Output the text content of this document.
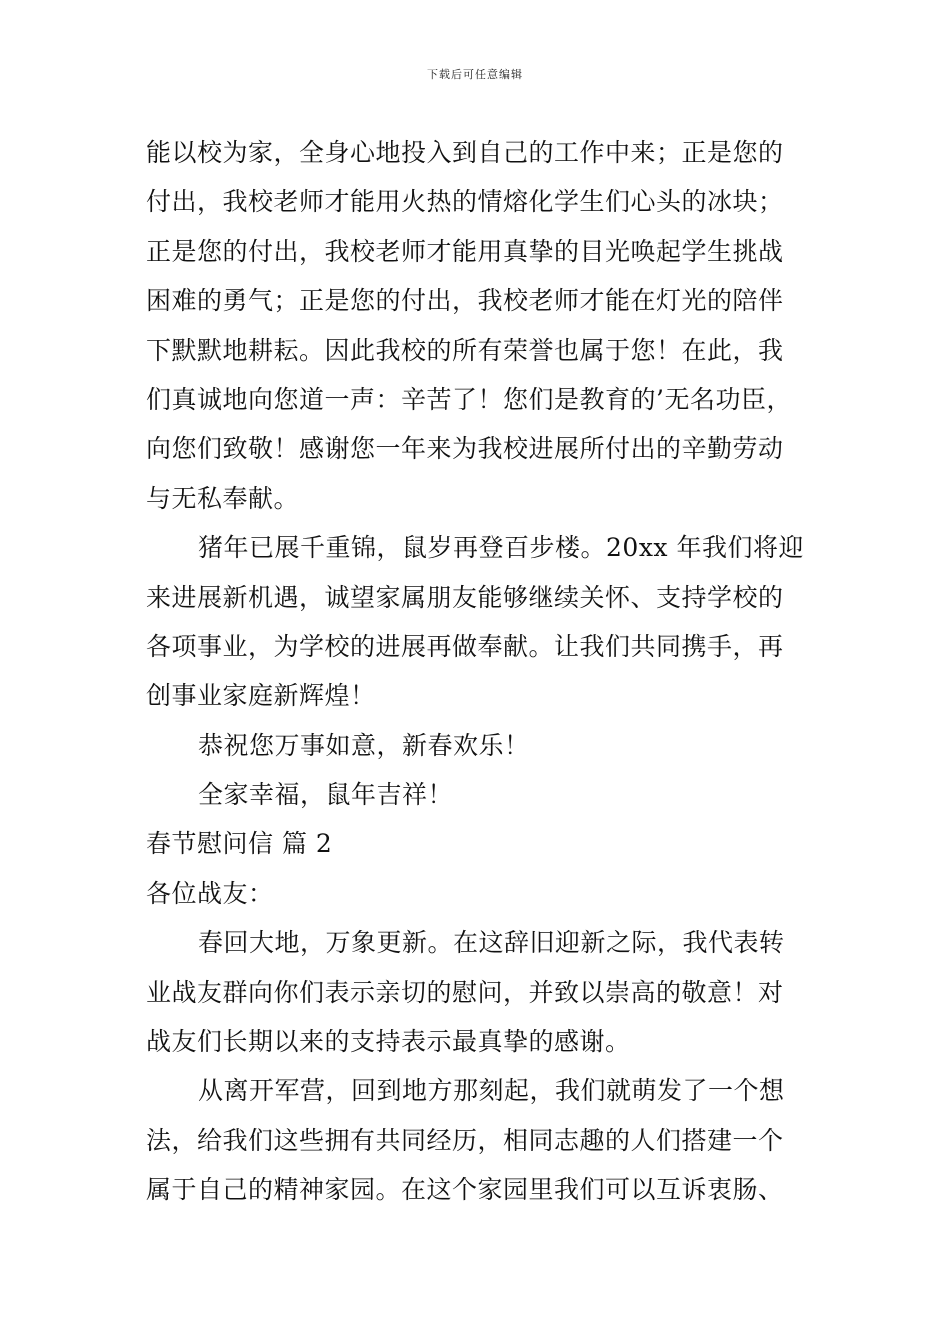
下载后可任意编辑
能以校为家，全身心地投入到自己的工作中来；正是您的
付出，我校老师才能用火热的情熔化学生们心头的冰块；
正是您的付出，我校老师才能用真挚的目光唤起学生挑战
困难的勇气；正是您的付出，我校老师才能在灯光的陪伴
下默默地耕耘。因此我校的所有荣誉也属于您！在此，我
们真诚地向您道一声：辛苦了！您们是教育的’无名功臣，
向您们致敬！感谢您一年来为我校进展所付出的辛勤劳动
与无私奉献。
猪年已展千重锦，鼠岁再登百步楼。20xx 年我们将迎
来进展新机遇，诚望家属朋友能够继续关怀、支持学校的
各项事业，为学校的进展再做奉献。让我们共同携手，再
创事业家庭新辉煌！
恭祝您万事如意，新春欢乐！
全家幸福，鼠年吉祥！
春节慰问信 篇 2
各位战友：
春回大地，万象更新。在这辞旧迎新之际，我代表转
业战友群向你们表示亲切的慰问，并致以崇高的敬意！对
战友们长期以来的支持表示最真挚的感谢。
从离开军营，回到地方那刻起，我们就萌发了一个想
法，给我们这些拥有共同经历，相同志趣的人们搭建一个
属于自己的精神家园。在这个家园里我们可以互诉衷肠、
